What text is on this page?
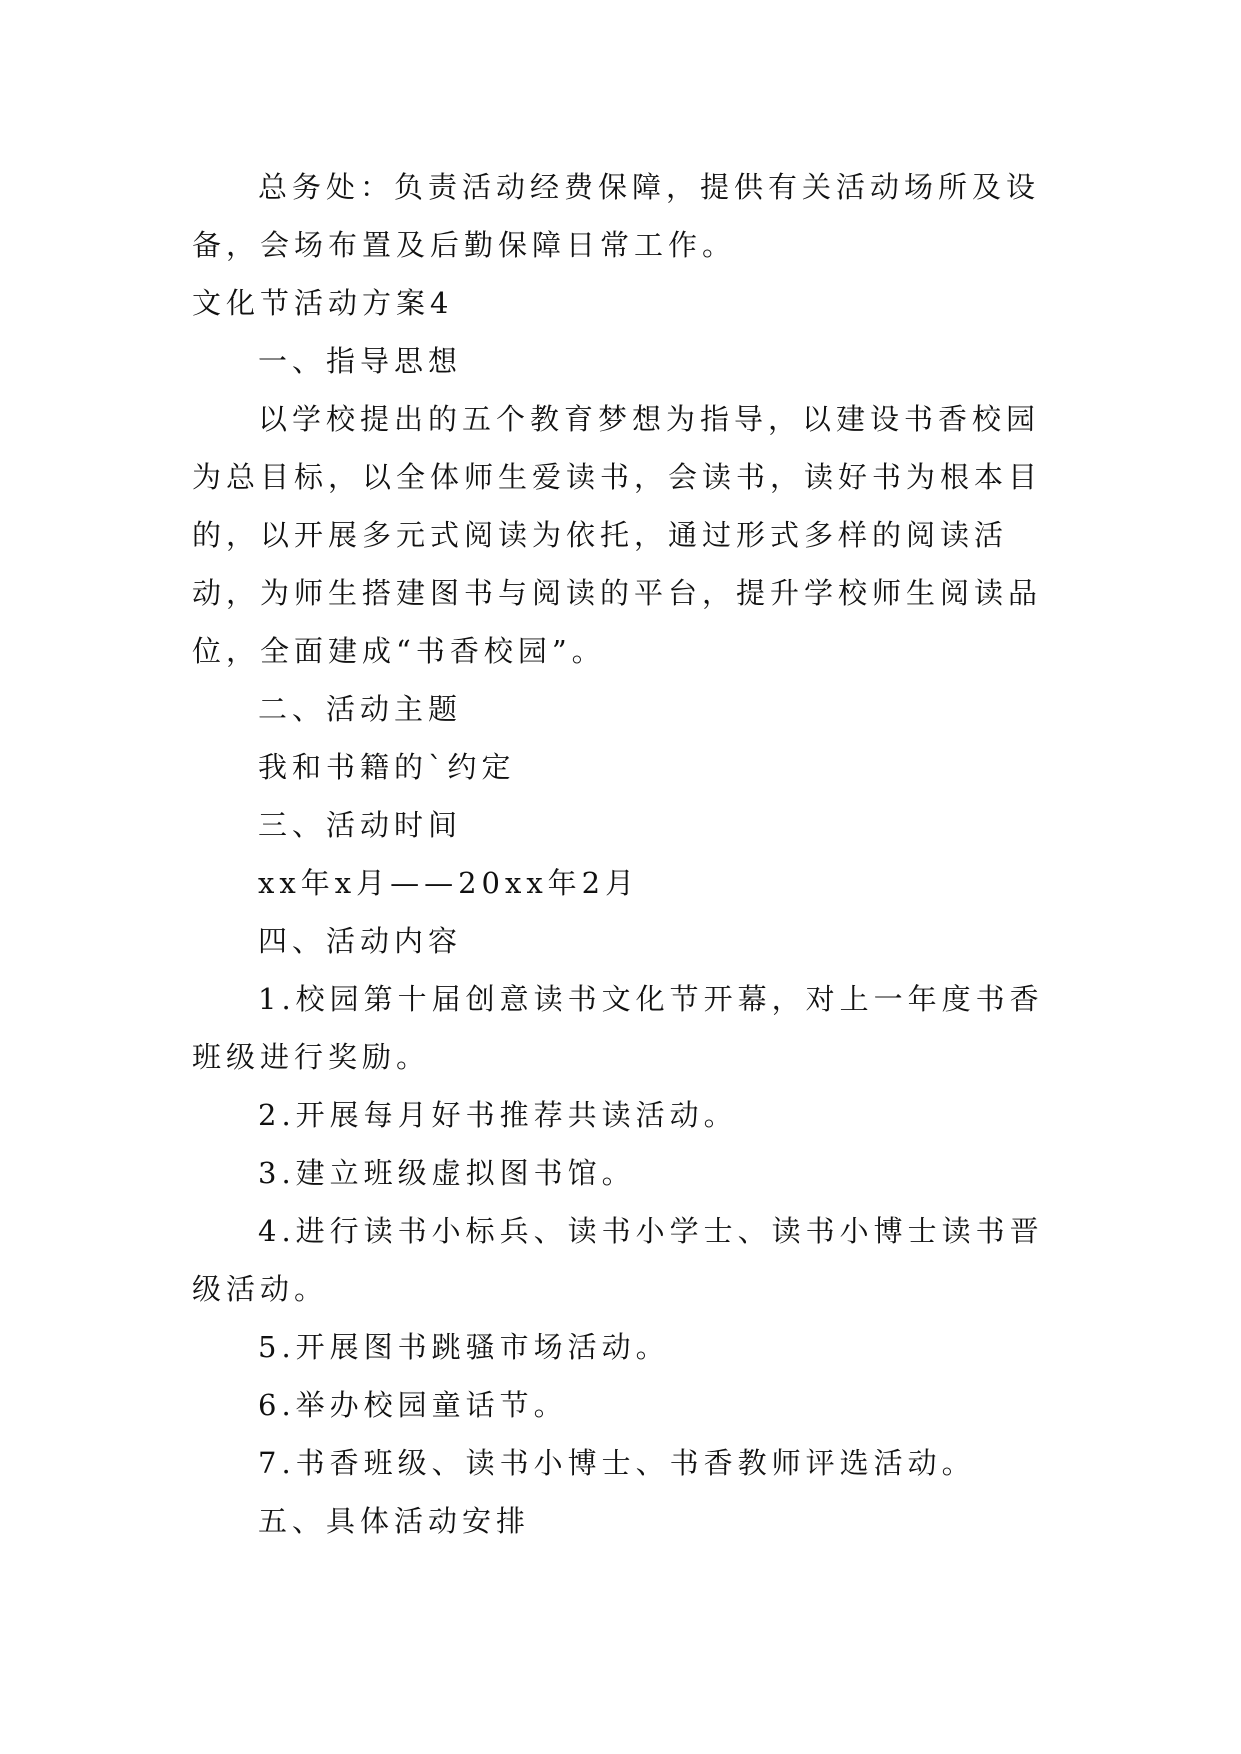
总务处：负责活动经费保障，提供有关活动场所及设备，会场布置及后勤保障日常工作。

文化节活动方案4

一、指导思想

以学校提出的五个教育梦想为指导，以建设书香校园为总目标，以全体师生爱读书，会读书，读好书为根本目的，以开展多元式阅读为依托，通过形式多样的阅读活动，为师生搭建图书与阅读的平台，提升学校师生阅读品位，全面建成“书香校园”。

二、活动主题

我和书籍的`约定

三、活动时间

xx年x月——20xx年2月

四、活动内容

1.校园第十届创意读书文化节开幕，对上一年度书香班级进行奖励。

2.开展每月好书推荐共读活动。

3.建立班级虚拟图书馆。

4.进行读书小标兵、读书小学士、读书小博士读书晋级活动。

5.开展图书跳骚市场活动。

6.举办校园童话节。

7.书香班级、读书小博士、书香教师评选活动。

五、具体活动安排
